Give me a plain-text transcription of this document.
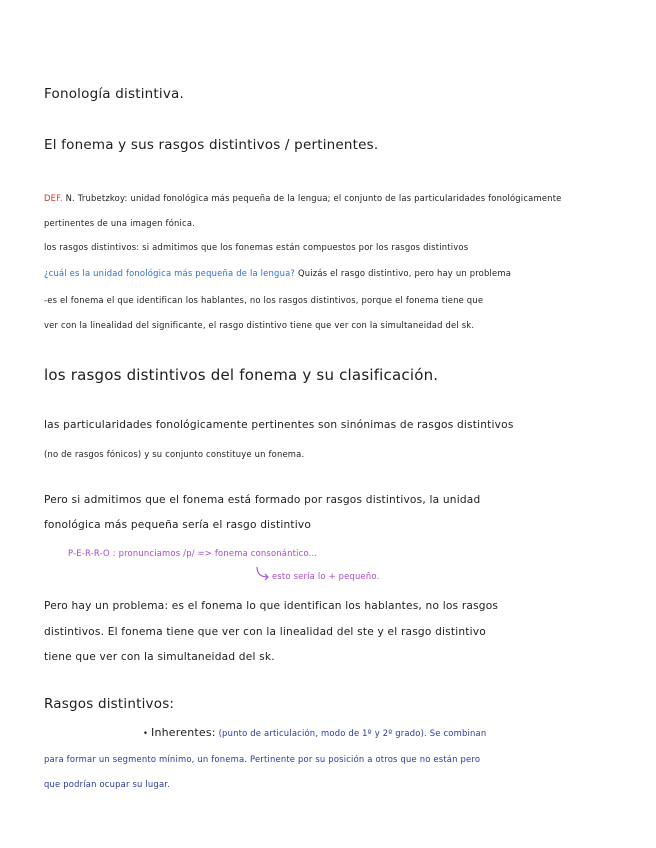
Fonología distintiva.
El fonema y sus rasgos distintivos / pertinentes.
DEF. N. Trubetzkoy: unidad fonológica más pequeña de la lengua; el conjunto de las particularidades fonológicamente
pertinentes de una imagen fónica.
los rasgos distintivos: si admitimos que los fonemas están compuestos por los rasgos distintivos
¿cuál es la unidad fonológica más pequeña de la lengua? Quizás el rasgo distintivo, pero hay un problema
-es el fonema el que identifican los hablantes, no los rasgos distintivos, porque el fonema tiene que
ver con la linealidad del significante, el rasgo distintivo tiene que ver con la simultaneidad del sk.
los rasgos distintivos del fonema y su clasificación.
las particularidades fonológicamente pertinentes son sinónimas de rasgos distintivos
(no de rasgos fónicos) y su conjunto constituye un fonema.
Pero si admitimos que el fonema está formado por rasgos distintivos, la unidad
fonológica más pequeña sería el rasgo distintivo
P-E-R-R-O : pronunciamos /p/ => fonema consonántico...
esto sería lo + pequeño.
Pero hay un problema: es el fonema lo que identifican los hablantes, no los rasgos
distintivos. El fonema tiene que ver con la linealidad del ste y el rasgo distintivo
tiene que ver con la simultaneidad del sk.
Rasgos distintivos:
• Inherentes: (punto de articulación, modo de 1º y 2º grado). Se combinan
para formar un segmento mínimo, un fonema. Pertinente por su posición a otros que no están pero
que podrían ocupar su lugar.
